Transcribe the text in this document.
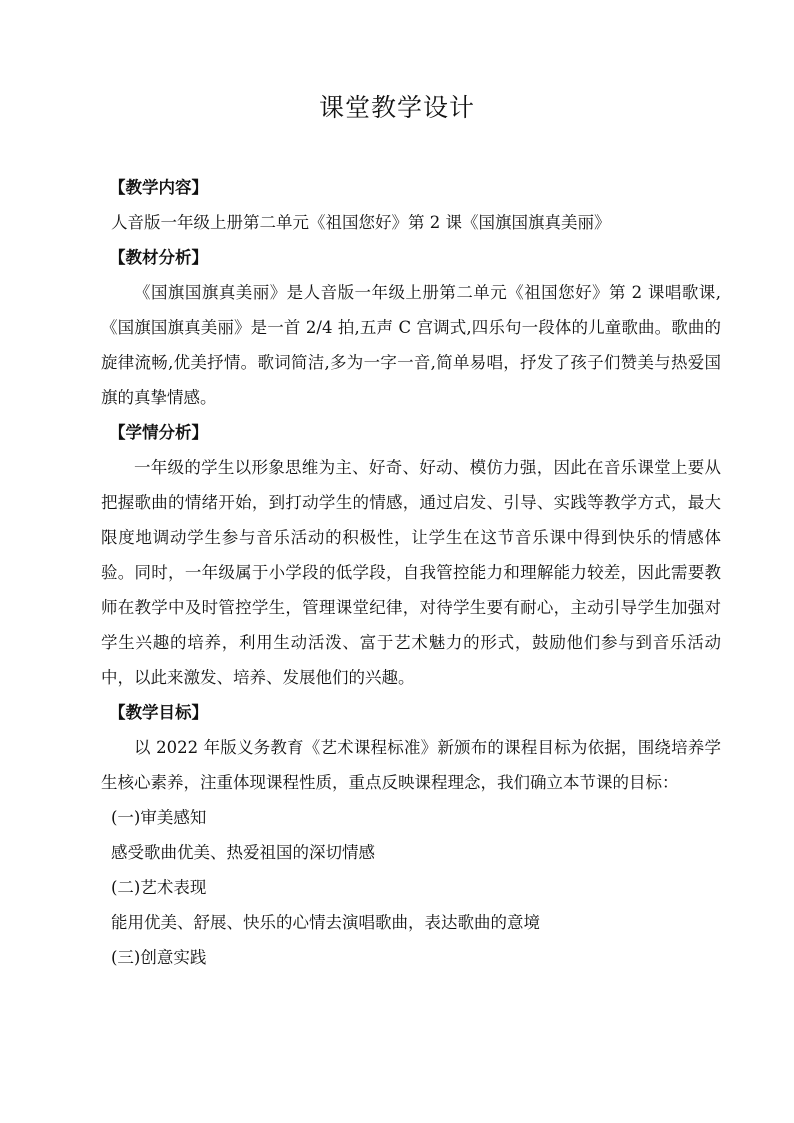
课堂教学设计
【教学内容】
人音版一年级上册第二单元《祖国您好》第 2 课《国旗国旗真美丽》
【教材分析】

《国旗国旗真美丽》是人音版一年级上册第二单元《祖国您好》第 2 课唱歌课,《国旗国旗真美丽》是一首 2/4 拍,五声 C 宫调式,四乐句一段体的儿童歌曲。歌曲的旋律流畅,优美抒情。歌词简洁,多为一字一音,简单易唱，抒发了孩子们赞美与热爱国旗的真挚情感。

【学情分析】

一年级的学生以形象思维为主、好奇、好动、模仿力强，因此在音乐课堂上要从把握歌曲的情绪开始，到打动学生的情感，通过启发、引导、实践等教学方式，最大限度地调动学生参与音乐活动的积极性，让学生在这节音乐课中得到快乐的情感体验。同时，一年级属于小学段的低学段，自我管控能力和理解能力较差，因此需要教师在教学中及时管控学生，管理课堂纪律，对待学生要有耐心，主动引导学生加强对学生兴趣的培养，利用生动活泼、富于艺术魅力的形式，鼓励他们参与到音乐活动中，以此来激发、培养、发展他们的兴趣。

【教学目标】

以 2022 年版义务教育《艺术课程标准》新颁布的课程目标为依据，围绕培养学生核心素养，注重体现课程性质，重点反映课程理念，我们确立本节课的目标：

(一)审美感知
感受歌曲优美、热爱祖国的深切情感
(二)艺术表现
能用优美、舒展、快乐的心情去演唱歌曲，表达歌曲的意境
(三)创意实践
